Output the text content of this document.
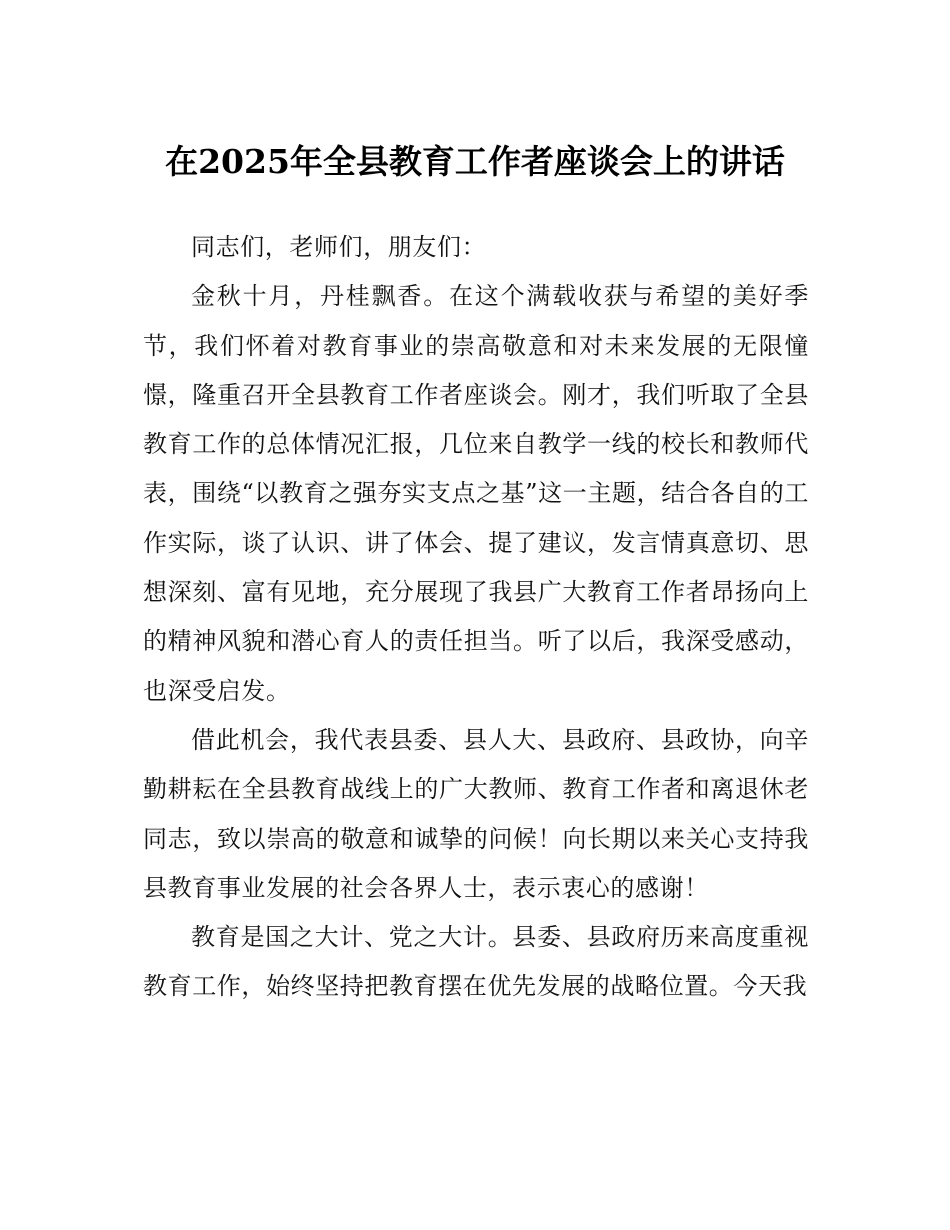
在2025年全县教育工作者座谈会上的讲话

同志们，老师们，朋友们：

金秋十月，丹桂飘香。在这个满载收获与希望的美好季节，我们怀着对教育事业的崇高敬意和对未来发展的无限憧憬，隆重召开全县教育工作者座谈会。刚才，我们听取了全县教育工作的总体情况汇报，几位来自教学一线的校长和教师代表，围绕“以教育之强夯实支点之基”这一主题，结合各自的工作实际，谈了认识、讲了体会、提了建议，发言情真意切、思想深刻、富有见地，充分展现了我县广大教育工作者昂扬向上的精神风貌和潜心育人的责任担当。听了以后，我深受感动，也深受启发。

借此机会，我代表县委、县人大、县政府、县政协，向辛勤耕耘在全县教育战线上的广大教师、教育工作者和离退休老同志，致以崇高的敬意和诚挚的问候！向长期以来关心支持我县教育事业发展的社会各界人士，表示衷心的感谢！

教育是国之大计、党之大计。县委、县政府历来高度重视教育工作，始终坚持把教育摆在优先发展的战略位置。今天我
